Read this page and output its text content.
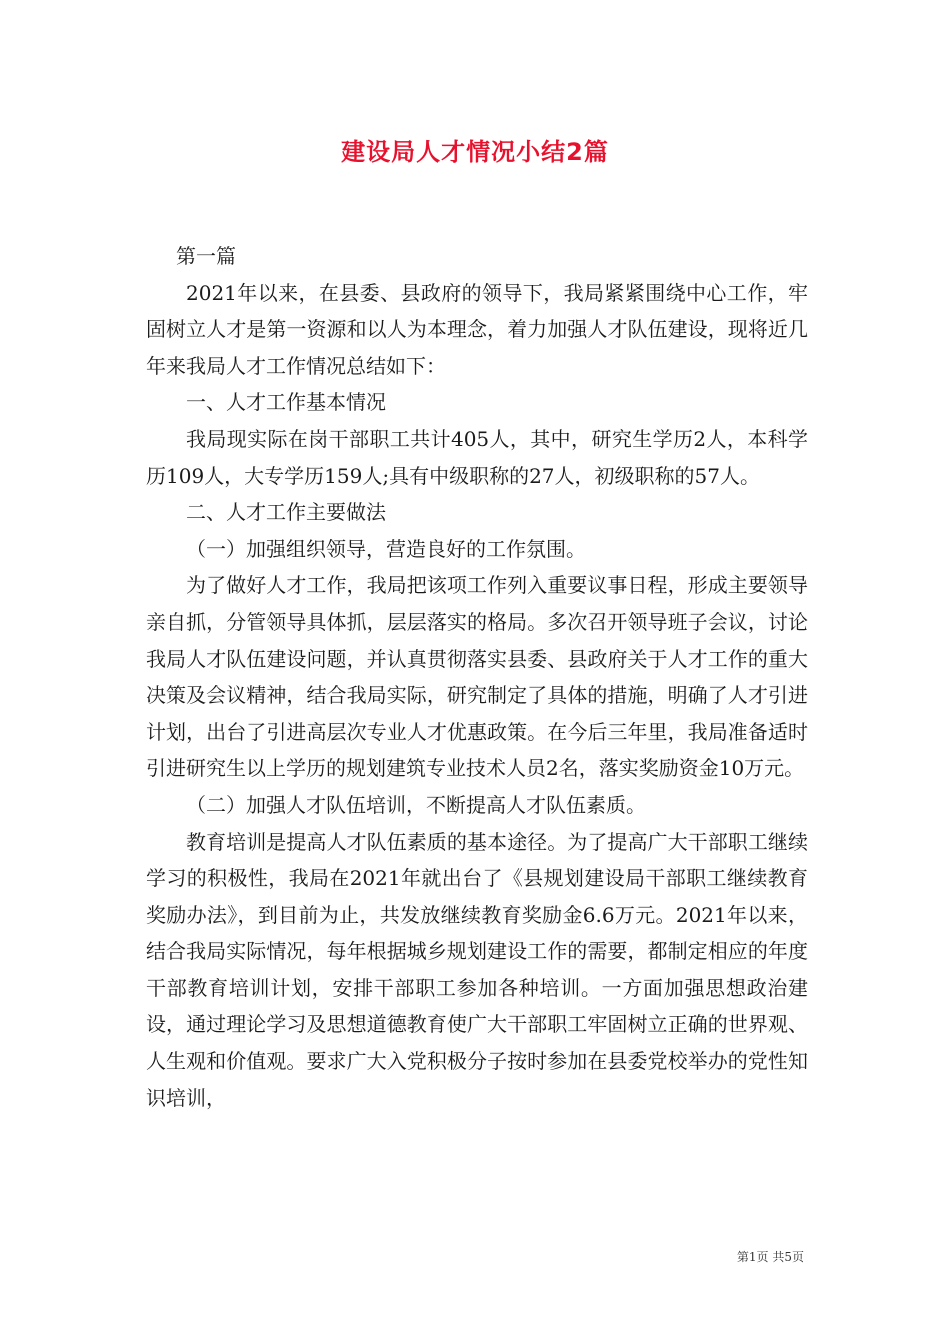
建设局人才情况小结2篇

第一篇

2021年以来，在县委、县政府的领导下，我局紧紧围绕中心工作，牢固树立人才是第一资源和以人为本理念，着力加强人才队伍建设，现将近几年来我局人才工作情况总结如下：

一、人才工作基本情况

我局现实际在岗干部职工共计405人，其中，研究生学历2人，本科学历109人，大专学历159人;具有中级职称的27人，初级职称的57人。

二、人才工作主要做法

（一）加强组织领导，营造良好的工作氛围。

为了做好人才工作，我局把该项工作列入重要议事日程，形成主要领导亲自抓，分管领导具体抓，层层落实的格局。多次召开领导班子会议，讨论我局人才队伍建设问题，并认真贯彻落实县委、县政府关于人才工作的重大决策及会议精神，结合我局实际，研究制定了具体的措施，明确了人才引进计划，出台了引进高层次专业人才优惠政策。在今后三年里，我局准备适时引进研究生以上学历的规划建筑专业技术人员2名，落实奖励资金10万元。

（二）加强人才队伍培训，不断提高人才队伍素质。

教育培训是提高人才队伍素质的基本途径。为了提高广大干部职工继续学习的积极性，我局在2021年就出台了《县规划建设局干部职工继续教育奖励办法》，到目前为止，共发放继续教育奖励金6.6万元。2021年以来，结合我局实际情况，每年根据城乡规划建设工作的需要，都制定相应的年度干部教育培训计划，安排干部职工参加各种培训。一方面加强思想政治建设，通过理论学习及思想道德教育使广大干部职工牢固树立正确的世界观、人生观和价值观。要求广大入党积极分子按时参加在县委党校举办的党性知识培训，

第1页 共5页
